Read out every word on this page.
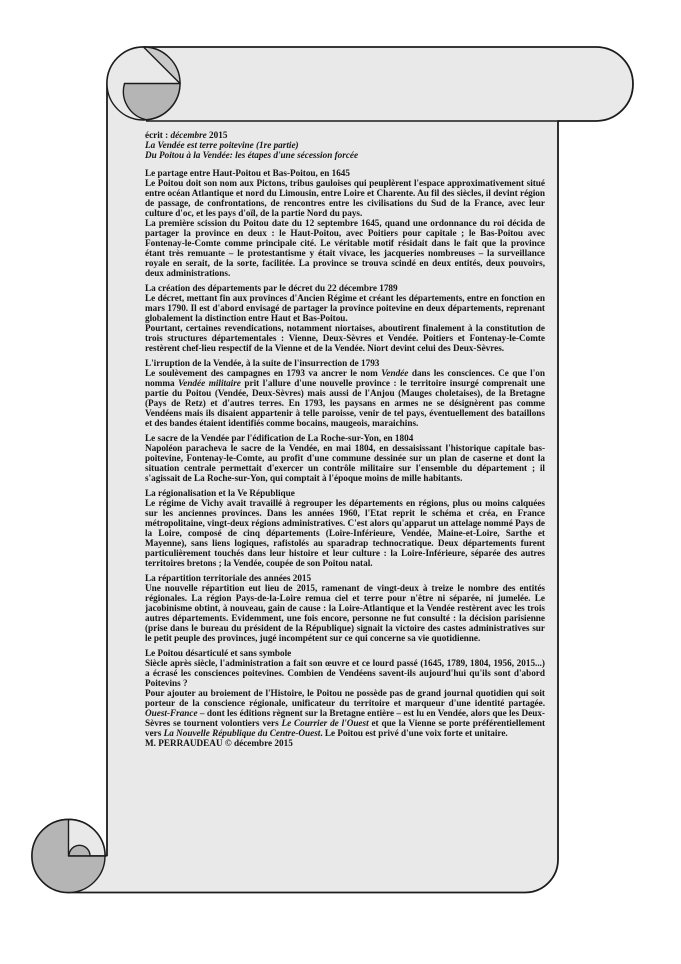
écrit : décembre 2015

La Vendée est terre poitevine (1re partie)

Du Poitou à la Vendée: les étapes d'une sécession forcée

Le partage entre Haut-Poitou et Bas-Poitou, en 1645

Le Poitou doit son nom aux Pictons, tribus gauloises qui peuplèrent l'espace approximativement situé entre océan Atlantique et nord du Limousin, entre Loire et Charente. Au fil des siècles, il devint région de passage, de confrontations, de rencontres entre les civilisations du Sud de la France, avec leur culture d'oc, et les pays d'oïl, de la partie Nord du pays.

La première scission du Poitou date du 12 septembre 1645, quand une ordonnance du roi décida de partager la province en deux : le Haut-Poitou, avec Poitiers pour capitale ; le Bas-Poitou avec Fontenay-le-Comte comme principale cité. Le véritable motif résidait dans le fait que la province étant très remuante – le protestantisme y était vivace, les jacqueries nombreuses – la surveillance royale en serait, de la sorte, facilitée. La province se trouva scindé en deux entités, deux pouvoirs, deux administrations.

La création des départements par le décret du 22 décembre 1789

Le décret, mettant fin aux provinces d'Ancien Régime et créant les départements, entre en fonction en mars 1790. Il est d'abord envisagé de partager la province poitevine en deux départements, reprenant globalement la distinction entre Haut et Bas-Poitou.

Pourtant, certaines revendications, notamment niortaises, aboutirent finalement à la constitution de trois structures départementales : Vienne, Deux-Sèvres et Vendée. Poitiers et Fontenay-le-Comte restèrent chef-lieu respectif de la Vienne et de la Vendée. Niort devint celui des Deux-Sèvres.

L'irruption de la Vendée, à la suite de l'insurrection de 1793

Le soulèvement des campagnes en 1793 va ancrer le nom Vendée dans les consciences. Ce que l'on nomma Vendée militaire prit l'allure d'une nouvelle province : le territoire insurgé comprenait une partie du Poitou (Vendée, Deux-Sèvres) mais aussi de l'Anjou (Mauges choletaises), de la Bretagne (Pays de Retz) et d'autres terres. En 1793, les paysans en armes ne se désignèrent pas comme Vendéens mais ils disaient appartenir à telle paroisse, venir de tel pays, éventuellement des bataillons et des bandes étaient identifiés comme bocains, maugeois, maraichins.

Le sacre de la Vendée par l'édification de La Roche-sur-Yon, en 1804

Napoléon paracheva le sacre de la Vendée, en mai 1804, en dessaisissant l'historique capitale bas-poitevine, Fontenay-le-Comte, au profit d'une commune dessinée sur un plan de caserne et dont la situation centrale permettait d'exercer un contrôle militaire sur l'ensemble du département ; il s'agissait de La Roche-sur-Yon, qui comptait à l'époque moins de mille habitants.

La régionalisation et la Ve République

Le régime de Vichy avait travaillé à regrouper les départements en régions, plus ou moins calquées sur les anciennes provinces. Dans les années 1960, l'Etat reprit le schéma et créa, en France métropolitaine, vingt-deux régions administratives. C'est alors qu'apparut un attelage nommé Pays de la Loire, composé de cinq départements (Loire-Inférieure, Vendée, Maine-et-Loire, Sarthe et Mayenne), sans liens logiques, rafistolés au sparadrap technocratique. Deux départements furent particulièrement touchés dans leur histoire et leur culture : la Loire-Inférieure, séparée des autres territoires bretons ; la Vendée, coupée de son Poitou natal.

La répartition territoriale des années 2015

Une nouvelle répartition eut lieu de 2015, ramenant de vingt-deux à treize le nombre des entités régionales. La région Pays-de-la-Loire remua ciel et terre pour n'être ni séparée, ni jumelée. Le jacobinisme obtint, à nouveau, gain de cause : la Loire-Atlantique et la Vendée restèrent avec les trois autres départements. Evidemment, une fois encore, personne ne fut consulté : la décision parisienne (prise dans le bureau du président de la République) signait la victoire des castes administratives sur le petit peuple des provinces, jugé incompétent sur ce qui concerne sa vie quotidienne.

Le Poitou désarticulé et sans symbole

Siècle après siècle, l'administration a fait son œuvre et ce lourd passé (1645, 1789, 1804, 1956, 2015...) a écrasé les consciences poitevines. Combien de Vendéens savent-ils aujourd'hui qu'ils sont d'abord Poitevins ?

Pour ajouter au broiement de l'Histoire, le Poitou ne possède pas de grand journal quotidien qui soit porteur de la conscience régionale, unificateur du territoire et marqueur d'une identité partagée. Ouest-France – dont les éditions règnent sur la Bretagne entière – est lu en Vendée, alors que les Deux-Sèvres se tournent volontiers vers Le Courrier de l'Ouest et que la Vienne se porte préférentiellement vers La Nouvelle République du Centre-Ouest. Le Poitou est privé d'une voix forte et unitaire.

M. PERRAUDEAU © décembre 2015
